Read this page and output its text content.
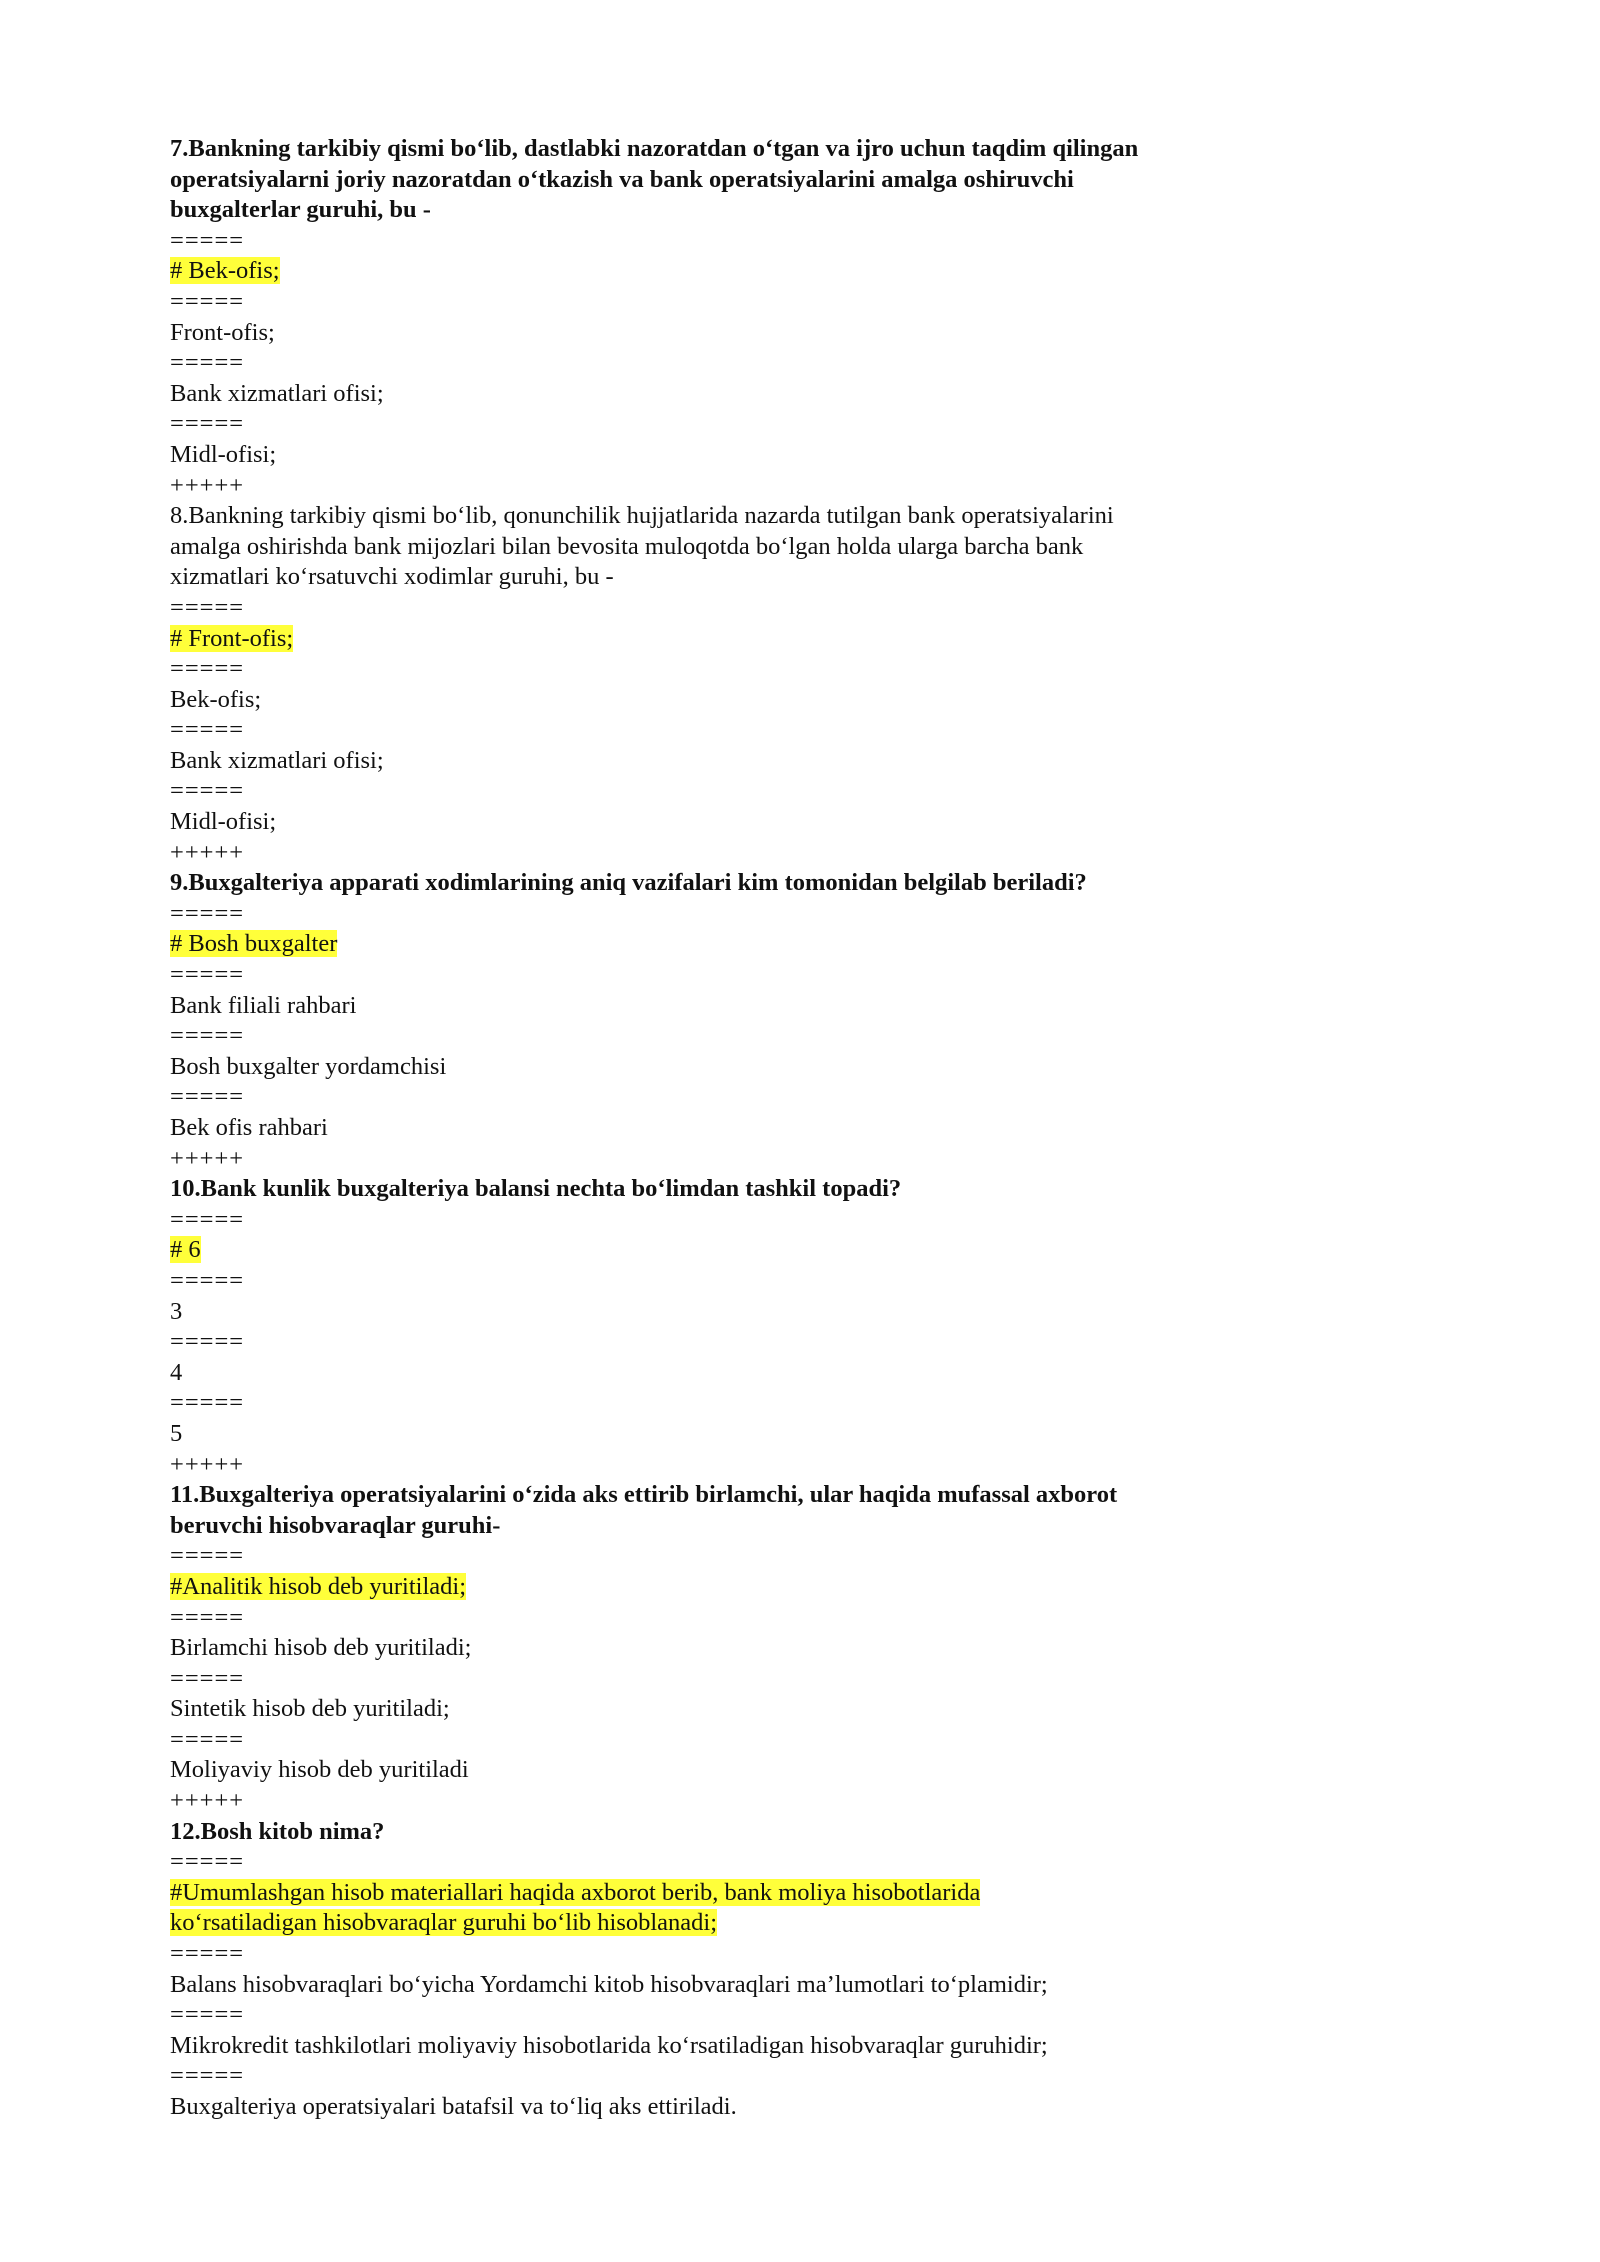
7.Bankning tarkibiy qismi bo‘lib, dastlabki nazoratdan o‘tgan va ijro uchun taqdim qilingan
operatsiyalarni joriy nazoratdan o‘tkazish va bank operatsiyalarini amalga oshiruvchi
buxgalterlar guruhi, bu -
=====
# Bek-ofis;
=====
Front-ofis;
=====
Bank xizmatlari ofisi;
=====
Midl-ofisi;
+++++
8.Bankning tarkibiy qismi bo‘lib, qonunchilik hujjatlarida nazarda tutilgan bank operatsiyalarini
amalga oshirishda bank mijozlari bilan bevosita muloqotda bo‘lgan holda ularga barcha bank
xizmatlari ko‘rsatuvchi xodimlar guruhi, bu -
=====
# Front-ofis;
=====
Bek-ofis;
=====
Bank xizmatlari ofisi;
=====
Midl-ofisi;
+++++
9.Buxgalteriya apparati xodimlarining aniq vazifalari kim tomonidan belgilab beriladi?
=====
# Bosh buxgalter
=====
Bank filiali rahbari
=====
Bosh buxgalter yordamchisi
=====
Bek ofis rahbari
+++++
10.Bank kunlik buxgalteriya balansi nechta bo‘limdan tashkil topadi?
=====
# 6
=====
3
=====
4
=====
5
+++++
11.Buxgalteriya operatsiyalarini o‘zida aks ettirib birlamchi, ular haqida mufassal axborot
beruvchi hisobvaraqlar guruhi-
=====
#Analitik hisob deb yuritiladi;
=====
Birlamchi hisob deb yuritiladi;
=====
Sintetik hisob deb yuritiladi;
=====
Moliyaviy hisob deb yuritiladi
+++++
12.Bosh kitob nima?
=====
#Umumlashgan hisob materiallari haqida axborot berib, bank moliya hisobotlarida
ko‘rsatiladigan hisobvaraqlar guruhi bo‘lib hisoblanadi;
=====
Balans hisobvaraqlari bo‘yicha Yordamchi kitob hisobvaraqlari ma’lumotlari to‘plamidir;
=====
Mikrokredit tashkilotlari moliyaviy hisobotlarida ko‘rsatiladigan hisobvaraqlar guruhidir;
=====
Buxgalteriya operatsiyalari batafsil va to‘liq aks ettiriladi.
